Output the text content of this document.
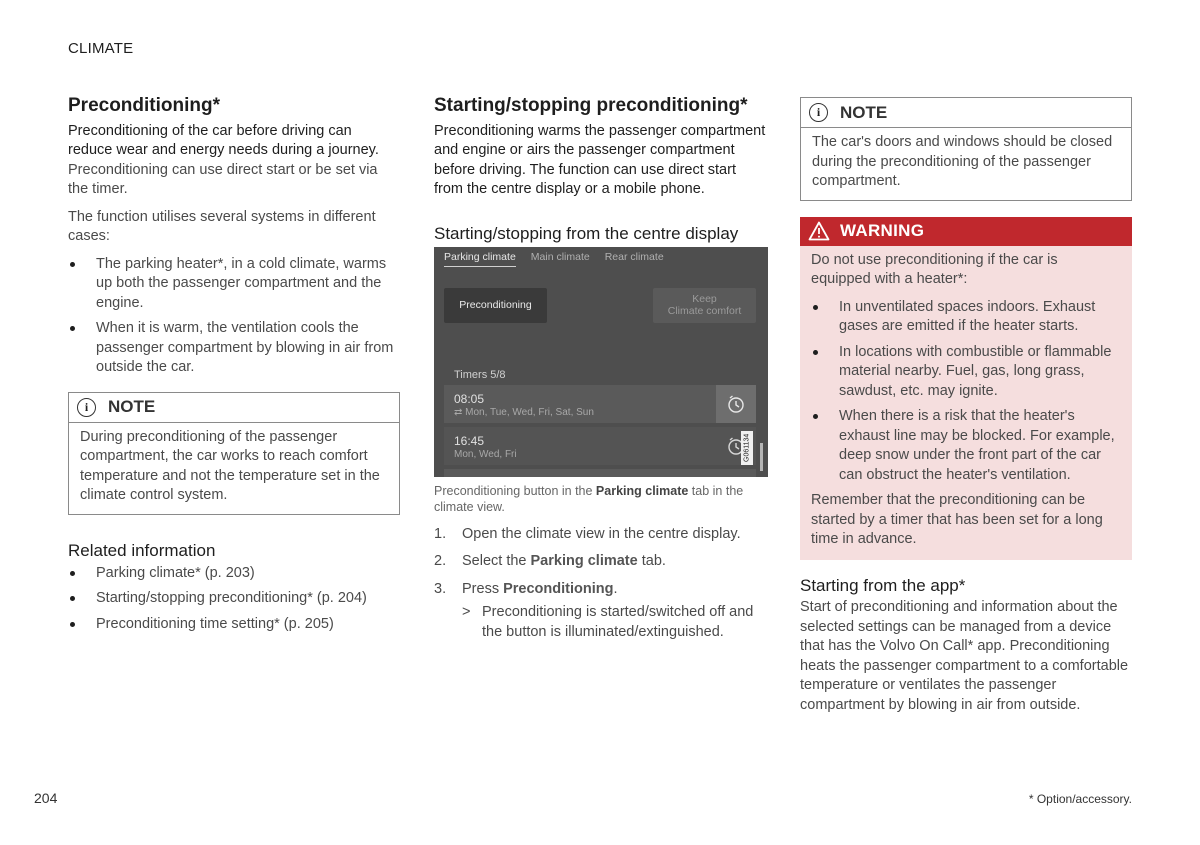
CLIMATE
Preconditioning*
Preconditioning of the car before driving can reduce wear and energy needs during a journey.
Preconditioning can use direct start or be set via the timer.
The function utilises several systems in different cases:
The parking heater*, in a cold climate, warms up both the passenger compartment and the engine.
When it is warm, the ventilation cools the passenger compartment by blowing in air from outside the car.
i	NOTE
During preconditioning of the passenger compartment, the car works to reach comfort temperature and not the temperature set in the climate control system.
Related information
Parking climate* (p. 203)
Starting/stopping preconditioning* (p. 204)
Preconditioning time setting* (p. 205)
Starting/stopping preconditioning*
Preconditioning warms the passenger compartment and engine or airs the passenger compartment before driving. The function can use direct start from the centre display or a mobile phone.
Starting/stopping from the centre display
Parking climate Main climate Rear climate
Preconditioning
Keep
Climate comfort
Timers 5/8
08:05
⇄ Mon, Tue, Wed, Fri, Sat, Sun
16:45
Mon, Wed, Fri	G061134
Preconditioning button in the Parking climate tab in the climate view.
1. Open the climate view in the centre display.
2. Select the Parking climate tab.
3. Press Preconditioning.
> Preconditioning is started/switched off and the button is illuminated/extinguished.
i	NOTE
The car's doors and windows should be closed during the preconditioning of the passenger compartment.
WARNING
Do not use preconditioning if the car is equipped with a heater*:
In unventilated spaces indoors. Exhaust gases are emitted if the heater starts.
In locations with combustible or flammable material nearby. Fuel, gas, long grass, sawdust, etc. may ignite.
When there is a risk that the heater's exhaust line may be blocked. For example, deep snow under the front part of the car can obstruct the heater's ventilation.
Remember that the preconditioning can be started by a timer that has been set for a long time in advance.
Starting from the app*
Start of preconditioning and information about the selected settings can be managed from a device that has the Volvo On Call* app. Preconditioning heats the passenger compartment to a comfortable temperature or ventilates the passenger compartment by blowing in air from outside.
204	* Option/accessory.
